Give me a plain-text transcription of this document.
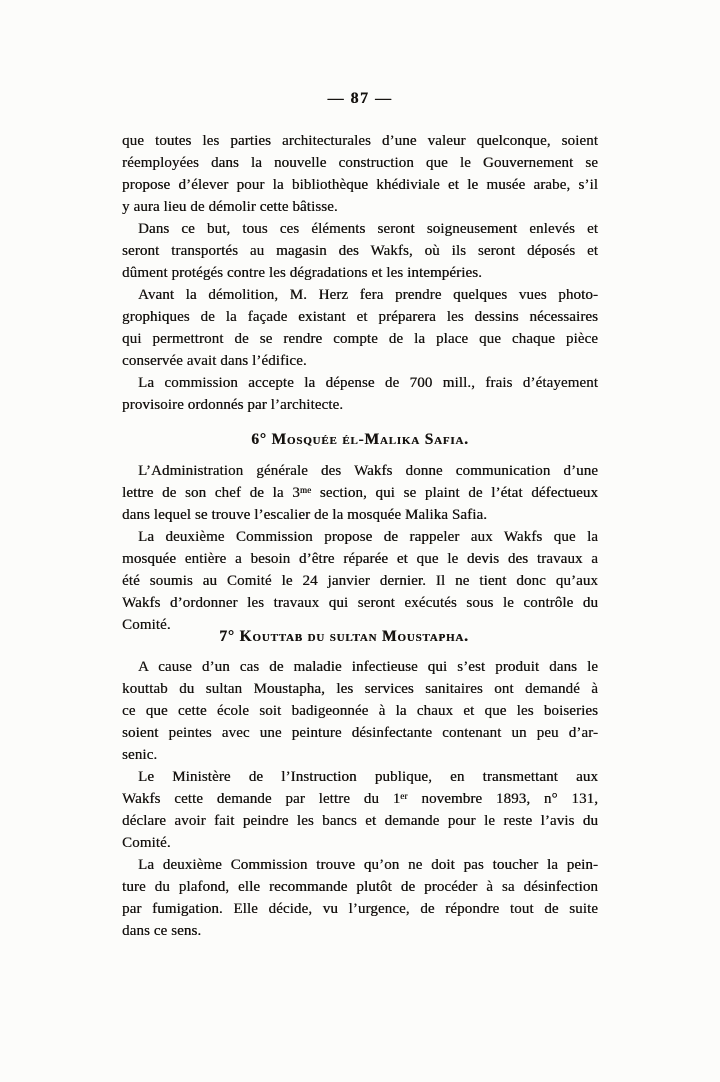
— 87 —
que toutes les parties architecturales d’une valeur quelconque, soient
réemployées dans la nouvelle construction que le Gouvernement se
propose d’élever pour la bibliothèque khédiviale et le musée arabe, s’il
y aura lieu de démolir cette bâtisse.
Dans ce but, tous ces éléments seront soigneusement enlevés et
seront transportés au magasin des Wakfs, où ils seront déposés et
dûment protégés contre les dégradations et les intempéries.
Avant la démolition, M. Herz fera prendre quelques vues photo-
grophiques de la façade existant et préparera les dessins nécessaires
qui permettront de se rendre compte de la place que chaque pièce
conservée avait dans l’édifice.
La commission accepte la dépense de 700 mill., frais d’étayement
provisoire ordonnés par l’architecte.
6° Mosquée él-Malika Safia.
L’Administration générale des Wakfs donne communication d’une
lettre de son chef de la 3ᵐᵉ section, qui se plaint de l’état défectueux
dans lequel se trouve l’escalier de la mosquée Malika Safia.
La deuxième Commission propose de rappeler aux Wakfs que la
mosquée entière a besoin d’être réparée et que le devis des travaux a
été soumis au Comité le 24 janvier dernier. Il ne tient donc qu’aux
Wakfs d’ordonner les travaux qui seront exécutés sous le contrôle du
Comité.
7° Kouttab du sultan Moustapha.
A cause d’un cas de maladie infectieuse qui s’est produit dans le
kouttab du sultan Moustapha, les services sanitaires ont demandé à
ce que cette école soit badigeonnée à la chaux et que les boiseries
soient peintes avec une peinture désinfectante contenant un peu d’ar-
senic.
Le Ministère de l’Instruction publique, en transmettant aux
Wakfs cette demande par lettre du 1ᵉʳ novembre 1893, n° 131,
déclare avoir fait peindre les bancs et demande pour le reste l’avis du
Comité.
La deuxième Commission trouve qu’on ne doit pas toucher la pein-
ture du plafond, elle recommande plutôt de procéder à sa désinfection
par fumigation. Elle décide, vu l’urgence, de répondre tout de suite
dans ce sens.
